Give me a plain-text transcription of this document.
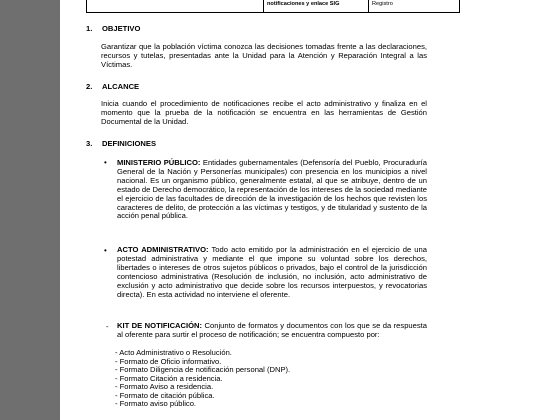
notificaciones y enlace SIG	Registro
1. OBJETIVO
Garantizar que la población víctima conozca las decisiones tomadas frente a las declaraciones, recursos y tutelas, presentadas ante la Unidad para la Atención y Reparación Integral a las Víctimas.
2. ALCANCE
Inicia cuando el procedimiento de notificaciones recibe el acto administrativo y finaliza en el momento que la prueba de la notificación se encuentra en las herramientas de Gestión Documental de la Unidad.
3. DEFINICIONES
• MINISTERIO PÚBLICO: Entidades gubernamentales (Defensoría del Pueblo, Procuraduría General de la Nación y Personerías municipales) con presencia en los municipios a nivel nacional. Es un organismo público, generalmente estatal, al que se atribuye, dentro de un estado de Derecho democrático, la representación de los intereses de la sociedad mediante el ejercicio de las facultades de dirección de la investigación de los hechos que revisten los caracteres de delito, de protección a las víctimas y testigos, y de titularidad y sustento de la acción penal pública.
• ACTO ADMINISTRATIVO: Todo acto emitido por la administración en el ejercicio de una potestad administrativa y mediante el que impone su voluntad sobre los derechos, libertades o intereses de otros sujetos públicos o privados, bajo el control de la jurisdicción contencioso administrativa (Resolución de inclusión, no inclusión, acto administrativo de exclusión y acto administrativo que decide sobre los recursos interpuestos, y revocatorias directa). En esta actividad no interviene el oferente.
- KIT DE NOTIFICACIÓN: Conjunto de formatos y documentos con los que se da respuesta al oferente para surtir el proceso de notificación; se encuentra compuesto por:
- Acto Administrativo o Resolución.
- Formato de Oficio informativo.
- Formato Diligencia de notificación personal (DNP).
- Formato Citación a residencia.
- Formato Aviso a residencia.
- Formato de citación pública.
- Formato aviso público.
